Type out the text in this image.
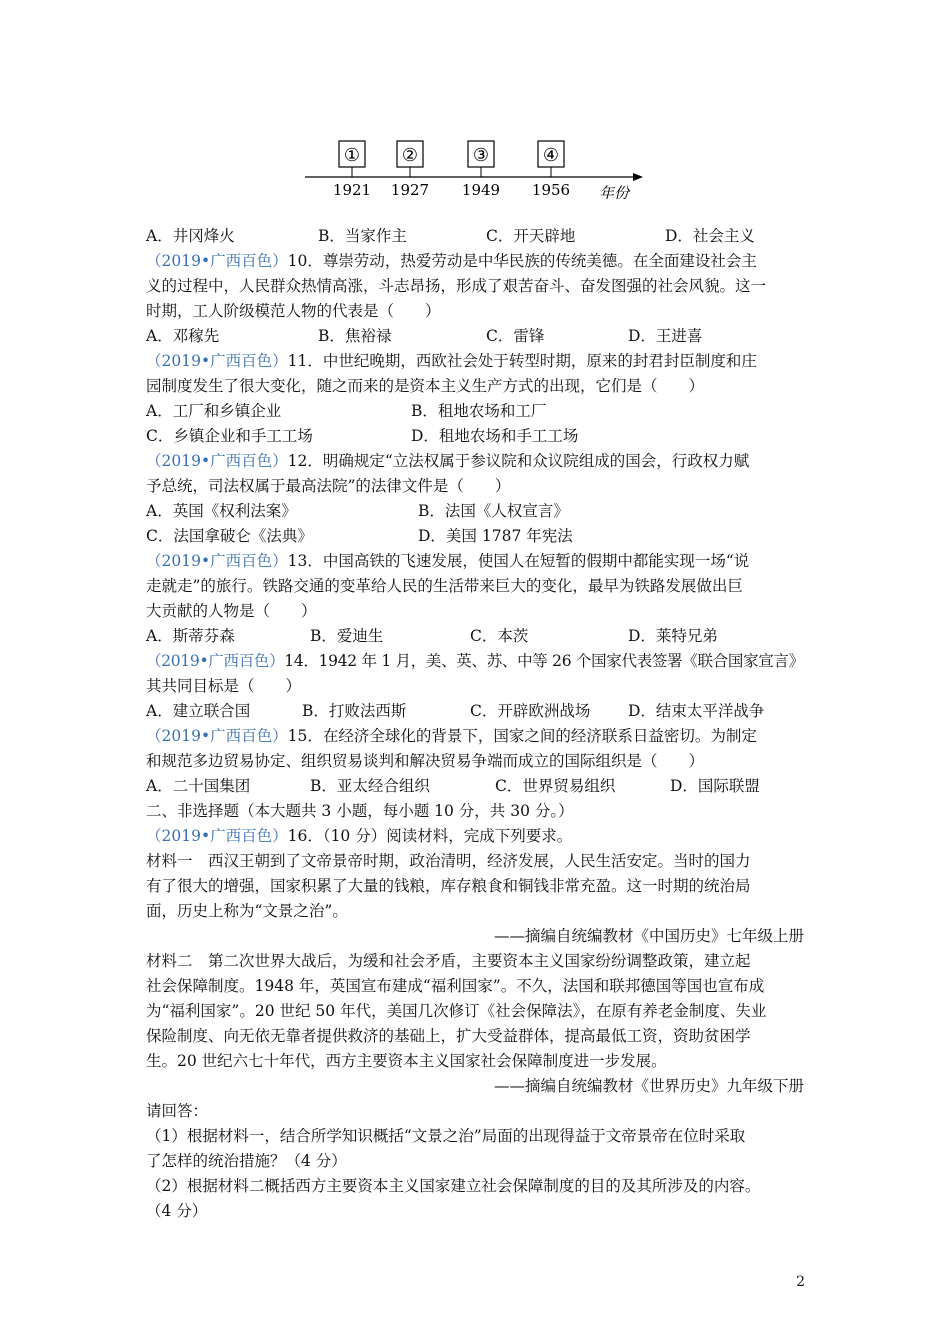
①
1921
②
1927
③
1949
④
1956 年份
A．井冈烽火	B．当家作主	C．开天辟地	D．社会主义
（2019•广西百色）10．尊崇劳动，热爱劳动是中华民族的传统美德。在全面建设社会主
义的过程中，人民群众热情高涨，斗志昂扬，形成了艰苦奋斗、奋发图强的社会风貌。这一
时期，工人阶级模范人物的代表是（　　）
A．邓稼先	B．焦裕禄	C．雷锋	D．王进喜
（2019•广西百色）11．中世纪晚期，西欧社会处于转型时期，原来的封君封臣制度和庄
园制度发生了很大变化，随之而来的是资本主义生产方式的出现，它们是（　　）
A．工厂和乡镇企业	B．租地农场和工厂
C．乡镇企业和手工工场	D．租地农场和手工工场
（2019•广西百色）12．明确规定“立法权属于参议院和众议院组成的国会，行政权力赋
予总统，司法权属于最高法院”的法律文件是（　　）
A．英国《权利法案》	B．法国《人权宣言》
C．法国拿破仑《法典》	D．美国 1787 年宪法
（2019•广西百色）13．中国高铁的飞速发展，使国人在短暂的假期中都能实现一场“说
走就走”的旅行。铁路交通的变革给人民的生活带来巨大的变化，最早为铁路发展做出巨
大贡献的人物是（　　）
A．斯蒂芬森	B．爱迪生	C．本茨	D．莱特兄弟
（2019•广西百色）14．1942 年 1 月，美、英、苏、中等 26 个国家代表签署《联合国家宣言》
其共同目标是（　　）
A．建立联合国	B．打败法西斯	C．开辟欧洲战场 D．结束太平洋战争
（2019•广西百色）15．在经济全球化的背景下，国家之间的经济联系日益密切。为制定
和规范多边贸易协定、组织贸易谈判和解决贸易争端而成立的国际组织是（　　）
A．二十国集团	B．亚太经合组织	C．世界贸易组织	D．国际联盟
二、非选择题（本大题共 3 小题，每小题 10 分，共 30 分。）
（2019•广西百色）16．（10 分）阅读材料，完成下列要求。
材料一　西汉王朝到了文帝景帝时期，政治清明，经济发展，人民生活安定。当时的国力
有了很大的增强，国家积累了大量的钱粮，库存粮食和铜钱非常充盈。这一时期的统治局
面，历史上称为“文景之治”。
——摘编自统编教材《中国历史》七年级上册
材料二　第二次世界大战后，为缓和社会矛盾，主要资本主义国家纷纷调整政策，建立起
社会保障制度。1948 年，英国宣布建成“福利国家”。不久，法国和联邦德国等国也宣布成
为“福利国家”。20 世纪 50 年代，美国几次修订《社会保障法》，在原有养老金制度、失业
保险制度、向无依无靠者提供救济的基础上，扩大受益群体，提高最低工资，资助贫困学
生。20 世纪六七十年代，西方主要资本主义国家社会保障制度进一步发展。
——摘编自统编教材《世界历史》九年级下册
请回答：
（1）根据材料一，结合所学知识概括“文景之治”局面的出现得益于文帝景帝在位时采取
了怎样的统治措施？（4 分）
（2）根据材料二概括西方主要资本主义国家建立社会保障制度的目的及其所涉及的内容。
（4 分）
2
